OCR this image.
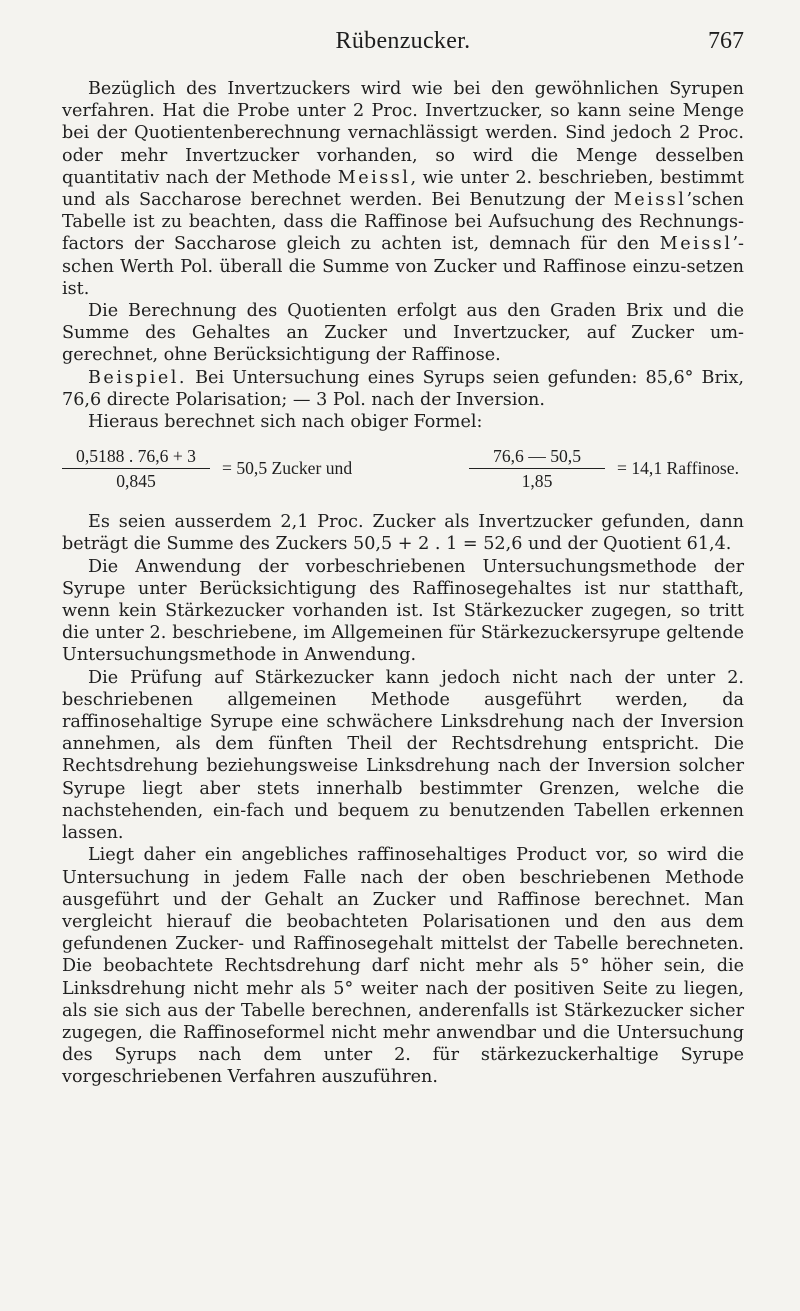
Rübenzucker.	767

Bezüglich des Invertzuckers wird wie bei den gewöhnlichen Syrupen verfahren. Hat die Probe unter 2 Proc. Invertzucker, so kann seine Menge bei der Quotientenberechnung vernachlässigt werden. Sind jedoch 2 Proc. oder mehr Invertzucker vorhanden, so wird die Menge desselben quantitativ nach der Methode Meissl, wie unter 2. beschrieben, bestimmt und als Saccharose berechnet werden. Bei Benutzung der Meissl’schen Tabelle ist zu beachten, dass die Raffinose bei Aufsuchung des Rechnungs-factors der Saccharose gleich zu achten ist, demnach für den Meissl’-schen Werth Pol. überall die Summe von Zucker und Raffinose einzu-setzen ist.

Die Berechnung des Quotienten erfolgt aus den Graden Brix und die Summe des Gehaltes an Zucker und Invertzucker, auf Zucker um-gerechnet, ohne Berücksichtigung der Raffinose.

Beispiel. Bei Untersuchung eines Syrups seien gefunden: 85,6° Brix, 76,6 directe Polarisation; — 3 Pol. nach der Inversion.

Hieraus berechnet sich nach obiger Formel:

0,5188 . 76,6 + 3
0,845
= 50,5 Zucker und
76,6 — 50,5
1,85
= 14,1 Raffinose.

Es seien ausserdem 2,1 Proc. Zucker als Invertzucker gefunden, dann beträgt die Summe des Zuckers 50,5 + 2 . 1 = 52,6 und der Quotient 61,4.

Die Anwendung der vorbeschriebenen Untersuchungsmethode der Syrupe unter Berücksichtigung des Raffinosegehaltes ist nur statthaft, wenn kein Stärkezucker vorhanden ist. Ist Stärkezucker zugegen, so tritt die unter 2. beschriebene, im Allgemeinen für Stärkezuckersyrupe geltende Untersuchungsmethode in Anwendung.

Die Prüfung auf Stärkezucker kann jedoch nicht nach der unter 2. beschriebenen allgemeinen Methode ausgeführt werden, da raffinosehaltige Syrupe eine schwächere Linksdrehung nach der Inversion annehmen, als dem fünften Theil der Rechtsdrehung entspricht. Die Rechtsdrehung beziehungsweise Linksdrehung nach der Inversion solcher Syrupe liegt aber stets innerhalb bestimmter Grenzen, welche die nachstehenden, ein-fach und bequem zu benutzenden Tabellen erkennen lassen.

Liegt daher ein angebliches raffinosehaltiges Product vor, so wird die Untersuchung in jedem Falle nach der oben beschriebenen Methode ausgeführt und der Gehalt an Zucker und Raffinose berechnet. Man vergleicht hierauf die beobachteten Polarisationen und den aus dem gefundenen Zucker- und Raffinosegehalt mittelst der Tabelle berechneten. Die beobachtete Rechtsdrehung darf nicht mehr als 5° höher sein, die Linksdrehung nicht mehr als 5° weiter nach der positiven Seite zu liegen, als sie sich aus der Tabelle berechnen, anderenfalls ist Stärkezucker sicher zugegen, die Raffinoseformel nicht mehr anwendbar und die Untersuchung des Syrups nach dem unter 2. für stärkezuckerhaltige Syrupe vorgeschriebenen Verfahren auszuführen.
